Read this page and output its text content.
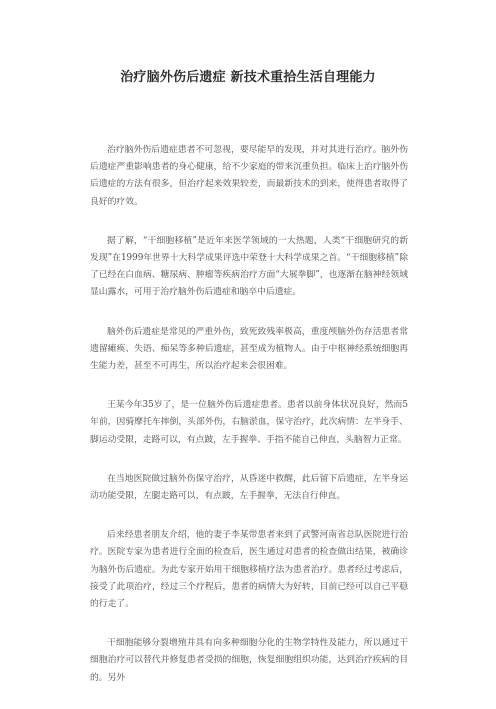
治疗脑外伤后遗症 新技术重拾生活自理能力

治疗脑外伤后遗症患者不可忽视，要尽能早的发现，并对其进行治疗。脑外伤后遗症严重影响患者的身心健康，给不少家庭的带来沉重负担。临床上治疗脑外伤后遗症的方法有很多，但治疗起来效果较差，而最新技术的到来，使得患者取得了良好的疗效。

据了解，“干细胞移植”是近年来医学领域的一大热题，人类“干细胞研究的新发现”在1999年世界十大科学成果评选中荣登十大科学成果之首。“干细胞移植”除了已经在白血病、糖尿病、肿瘤等疾病治疗方面“大展拳脚”，也逐渐在脑神经领域显山露水，可用于治疗脑外伤后遗症和脑卒中后遗症。

脑外伤后遗症是常见的严重外伤，致死致残率极高，重度颅脑外伤存活患者常遗留瘫痪、失语、痴呆等多种后遗症，甚至成为植物人。由于中枢神经系统细胞再生能力差，甚至不可再生，所以治疗起来会很困难。

王某今年35岁了，是一位脑外伤后遗症患者。患者以前身体状况良好，然而5年前，因骑摩托车摔倒，头部外伤，右脑淤血，保守治疗，此次病情：左半身手、脚运动受限，走路可以，有点跛，左手握拳、手指不能自己伸直，头脑智力正常。

在当地医院做过脑外伤保守治疗，从昏迷中救醒，此后留下后遗症，左半身运动功能受限，左腿走路可以，有点跛，左手握拳，无法自行伸直。

后来经患者朋友介绍，他的妻子李某带患者来到了武警河南省总队医院进行治疗。医院专家为患者进行全面的检查后，医生通过对患者的检查做出结果，被确诊为脑外伤后遗症。为此专家开始用干细胞移植疗法为患者治疗。患者经过考虑后，接受了此项治疗，经过三个疗程后，患者的病情大为好转，目前已经可以自己平稳的行走了。

干细胞能够分裂增殖并具有向多种细胞分化的生物学特性及能力，所以通过干细胞治疗可以替代并修复患者受损的细胞，恢复细胞组织功能，达到治疗疾病的目的。另外
